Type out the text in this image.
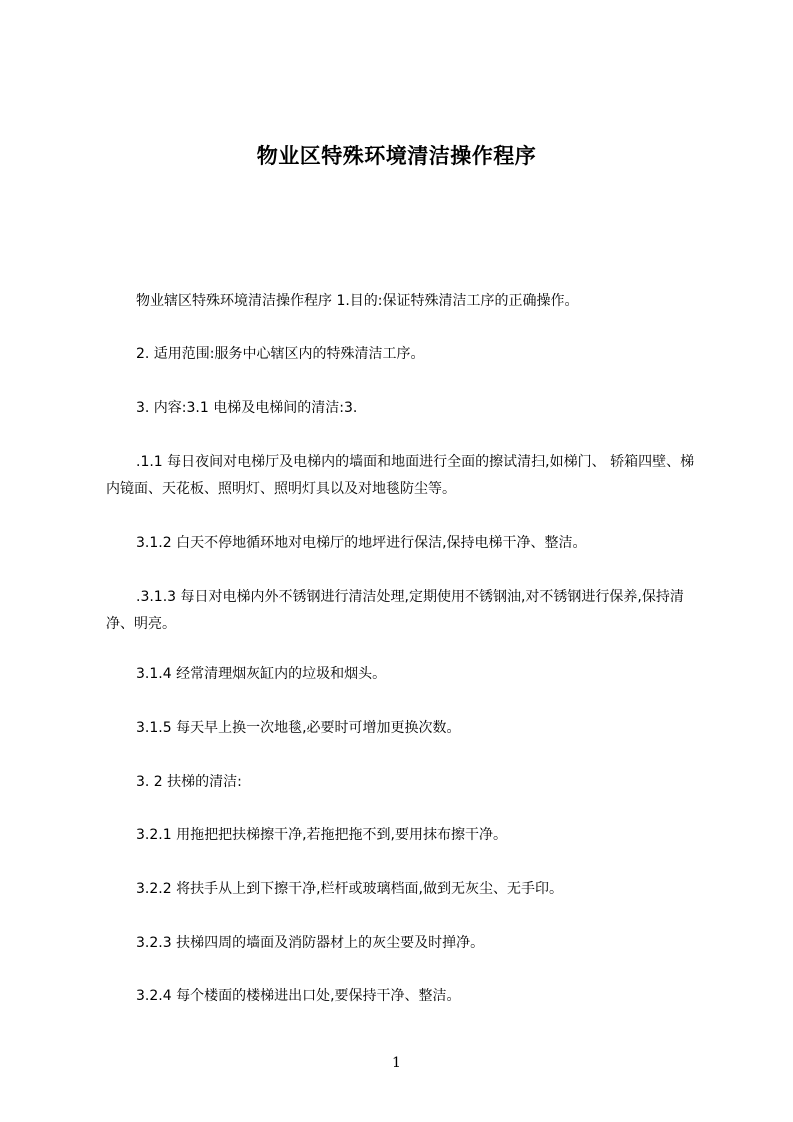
物业区特殊环境清洁操作程序

物业辖区特殊环境清洁操作程序 1.目的:保证特殊清洁工序的正确操作。

2. 适用范围:服务中心辖区内的特殊清洁工序。

3. 内容:3.1 电梯及电梯间的清洁:3.

.1.1 每日夜间对电梯厅及电梯内的墙面和地面进行全面的擦试清扫,如梯门、 轿箱四壁、梯内镜面、天花板、照明灯、照明灯具以及对地毯防尘等。

3.1.2 白天不停地循环地对电梯厅的地坪进行保洁,保持电梯干净、整洁。

.3.1.3 每日对电梯内外不锈钢进行清洁处理,定期使用不锈钢油,对不锈钢进行保养,保持清净、明亮。

3.1.4 经常清理烟灰缸内的垃圾和烟头。

3.1.5 每天早上换一次地毯,必要时可增加更换次数。

3. 2 扶梯的清洁:

3.2.1 用拖把把扶梯擦干净,若拖把拖不到,要用抹布擦干净。

3.2.2 将扶手从上到下擦干净,栏杆或玻璃档面,做到无灰尘、无手印。

3.2.3 扶梯四周的墙面及消防器材上的灰尘要及时掸净。

3.2.4 每个楼面的楼梯进出口处,要保持干净、整洁。

1
